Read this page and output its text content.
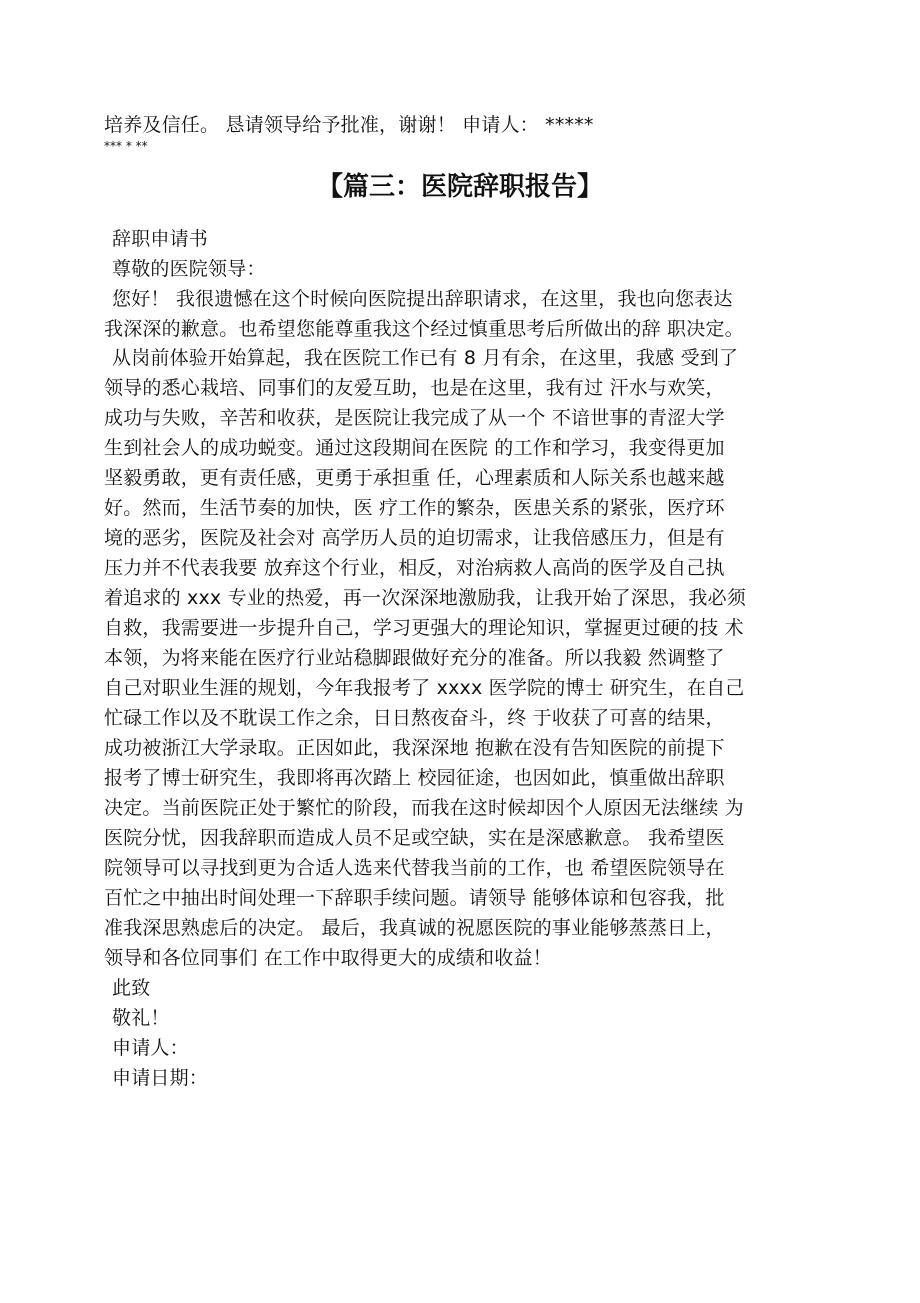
培养及信任。 恳请领导给予批准，谢谢！ 申请人： *****
*** * **
【篇三：医院辞职报告】
辞职申请书
尊敬的医院领导：
您好！ 我很遗憾在这个时候向医院提出辞职请求，在这里，我也向您表达
我深深的歉意。也希望您能尊重我这个经过慎重思考后所做出的辞 职决定。
从岗前体验开始算起，我在医院工作已有 8 月有余，在这里，我感 受到了
领导的悉心栽培、同事们的友爱互助，也是在这里，我有过 汗水与欢笑，
成功与失败，辛苦和收获，是医院让我完成了从一个 不谙世事的青涩大学
生到社会人的成功蜕变。通过这段期间在医院 的工作和学习，我变得更加
坚毅勇敢，更有责任感，更勇于承担重 任，心理素质和人际关系也越来越
好。然而，生活节奏的加快，医 疗工作的繁杂，医患关系的紧张，医疗环
境的恶劣，医院及社会对 高学历人员的迫切需求，让我倍感压力，但是有
压力并不代表我要 放弃这个行业，相反，对治病救人高尚的医学及自己执
着追求的 xxx 专业的热爱，再一次深深地激励我，让我开始了深思，我必须
自救，我需要进一步提升自己，学习更强大的理论知识，掌握更过硬的技 术
本领，为将来能在医疗行业站稳脚跟做好充分的准备。所以我毅 然调整了
自己对职业生涯的规划，今年我报考了 xxxx 医学院的博士 研究生，在自己
忙碌工作以及不耽误工作之余，日日熬夜奋斗，终 于收获了可喜的结果，
成功被浙江大学录取。正因如此，我深深地 抱歉在没有告知医院的前提下
报考了博士研究生，我即将再次踏上 校园征途，也因如此，慎重做出辞职
决定。当前医院正处于繁忙的阶段，而我在这时候却因个人原因无法继续 为
医院分忧，因我辞职而造成人员不足或空缺，实在是深感歉意。 我希望医
院领导可以寻找到更为合适人选来代替我当前的工作，也 希望医院领导在
百忙之中抽出时间处理一下辞职手续问题。请领导 能够体谅和包容我，批
准我深思熟虑后的决定。 最后，我真诚的祝愿医院的事业能够蒸蒸日上，
领导和各位同事们 在工作中取得更大的成绩和收益！
此致
敬礼！
申请人：
申请日期：
